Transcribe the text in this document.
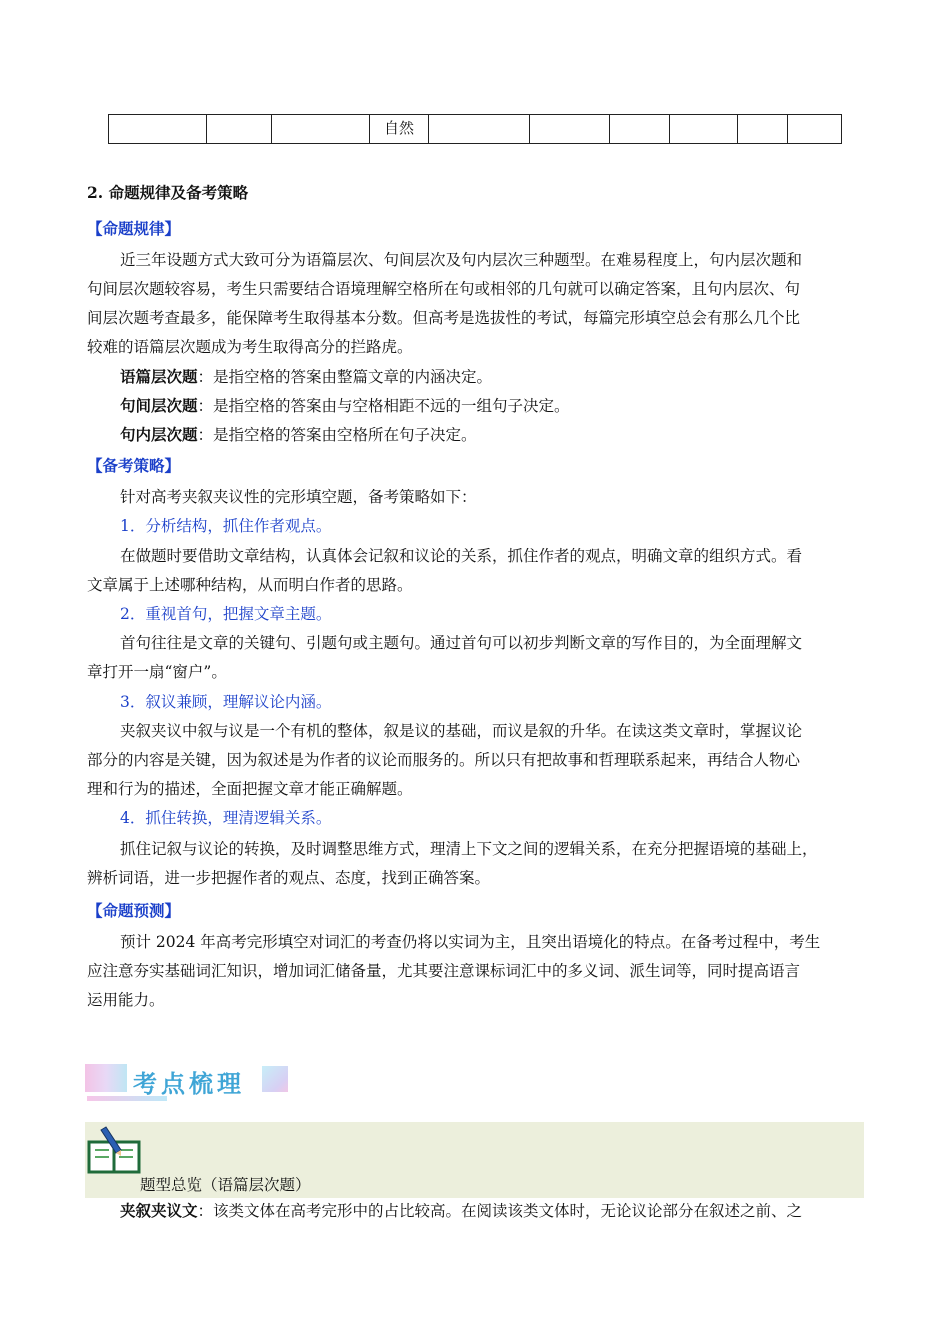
			自然						
2. 命题规律及备考策略
【命题规律】
近三年设题方式大致可分为语篇层次、句间层次及句内层次三种题型。在难易程度上，句内层次题和
句间层次题较容易，考生只需要结合语境理解空格所在句或相邻的几句就可以确定答案，且句内层次、句
间层次题考查最多，能保障考生取得基本分数。但高考是选拔性的考试，每篇完形填空总会有那么几个比
较难的语篇层次题成为考生取得高分的拦路虎。
语篇层次题：是指空格的答案由整篇文章的内涵决定。
句间层次题：是指空格的答案由与空格相距不远的一组句子决定。
句内层次题：是指空格的答案由空格所在句子决定。
【备考策略】
针对高考夹叙夹议性的完形填空题，备考策略如下：
1．分析结构，抓住作者观点。
在做题时要借助文章结构，认真体会记叙和议论的关系，抓住作者的观点，明确文章的组织方式。看
文章属于上述哪种结构，从而明白作者的思路。
2．重视首句，把握文章主题。
首句往往是文章的关键句、引题句或主题句。通过首句可以初步判断文章的写作目的，为全面理解文
章打开一扇“窗户”。
3．叙议兼顾，理解议论内涵。
夹叙夹议中叙与议是一个有机的整体，叙是议的基础，而议是叙的升华。在读这类文章时，掌握议论
部分的内容是关键，因为叙述是为作者的议论而服务的。所以只有把故事和哲理联系起来，再结合人物心
理和行为的描述，全面把握文章才能正确解题。
4．抓住转换，理清逻辑关系。
抓住记叙与议论的转换，及时调整思维方式，理清上下文之间的逻辑关系，在充分把握语境的基础上，
辨析词语，进一步把握作者的观点、态度，找到正确答案。
【命题预测】
预计 2024 年高考完形填空对词汇的考查仍将以实词为主，且突出语境化的特点。在备考过程中，考生
应注意夯实基础词汇知识，增加词汇储备量，尤其要注意课标词汇中的多义词、派生词等，同时提高语言
运用能力。
考点梳理
题型总览（语篇层次题）
夹叙夹议文：该类文体在高考完形中的占比较高。在阅读该类文体时，无论议论部分在叙述之前、之
